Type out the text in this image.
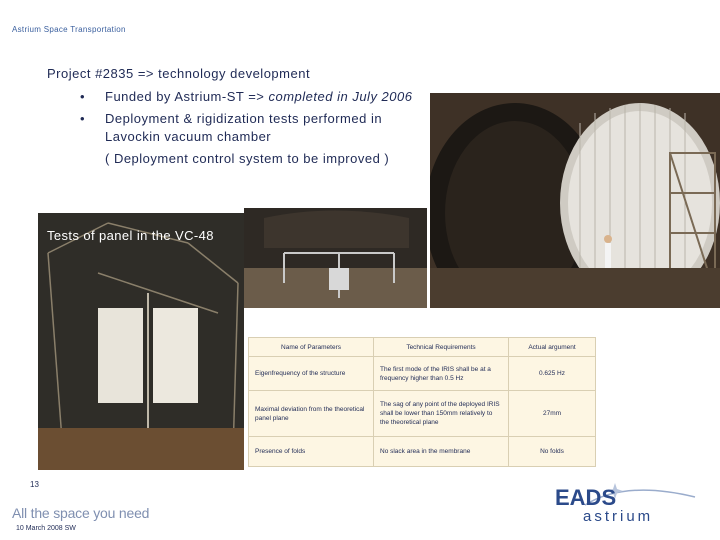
Astrium Space Transportation
Project #2835 => technology development
•	Funded by Astrium-ST => completed in July 2006
•	Deployment & rigidization tests performed in
Lavockin vacuum chamber
( Deployment control system to be improved )
Tests of panel in the VC-48
Name of Parameters	Technical Requirements	Actual argument
Eigenfrequency of the structure	The first mode of the IRIS shall be at a frequency higher than 0.5 Hz	0.625 Hz
Maximal deviation from the theoretical panel plane	The sag of any point of the deployed IRIS shall be lower than 150mm relatively to the theoretical plane	27mm
Presence of folds	No slack area in the membrane	No folds
13
All the space you need
10 March 2008 SW
EADS
astrium
